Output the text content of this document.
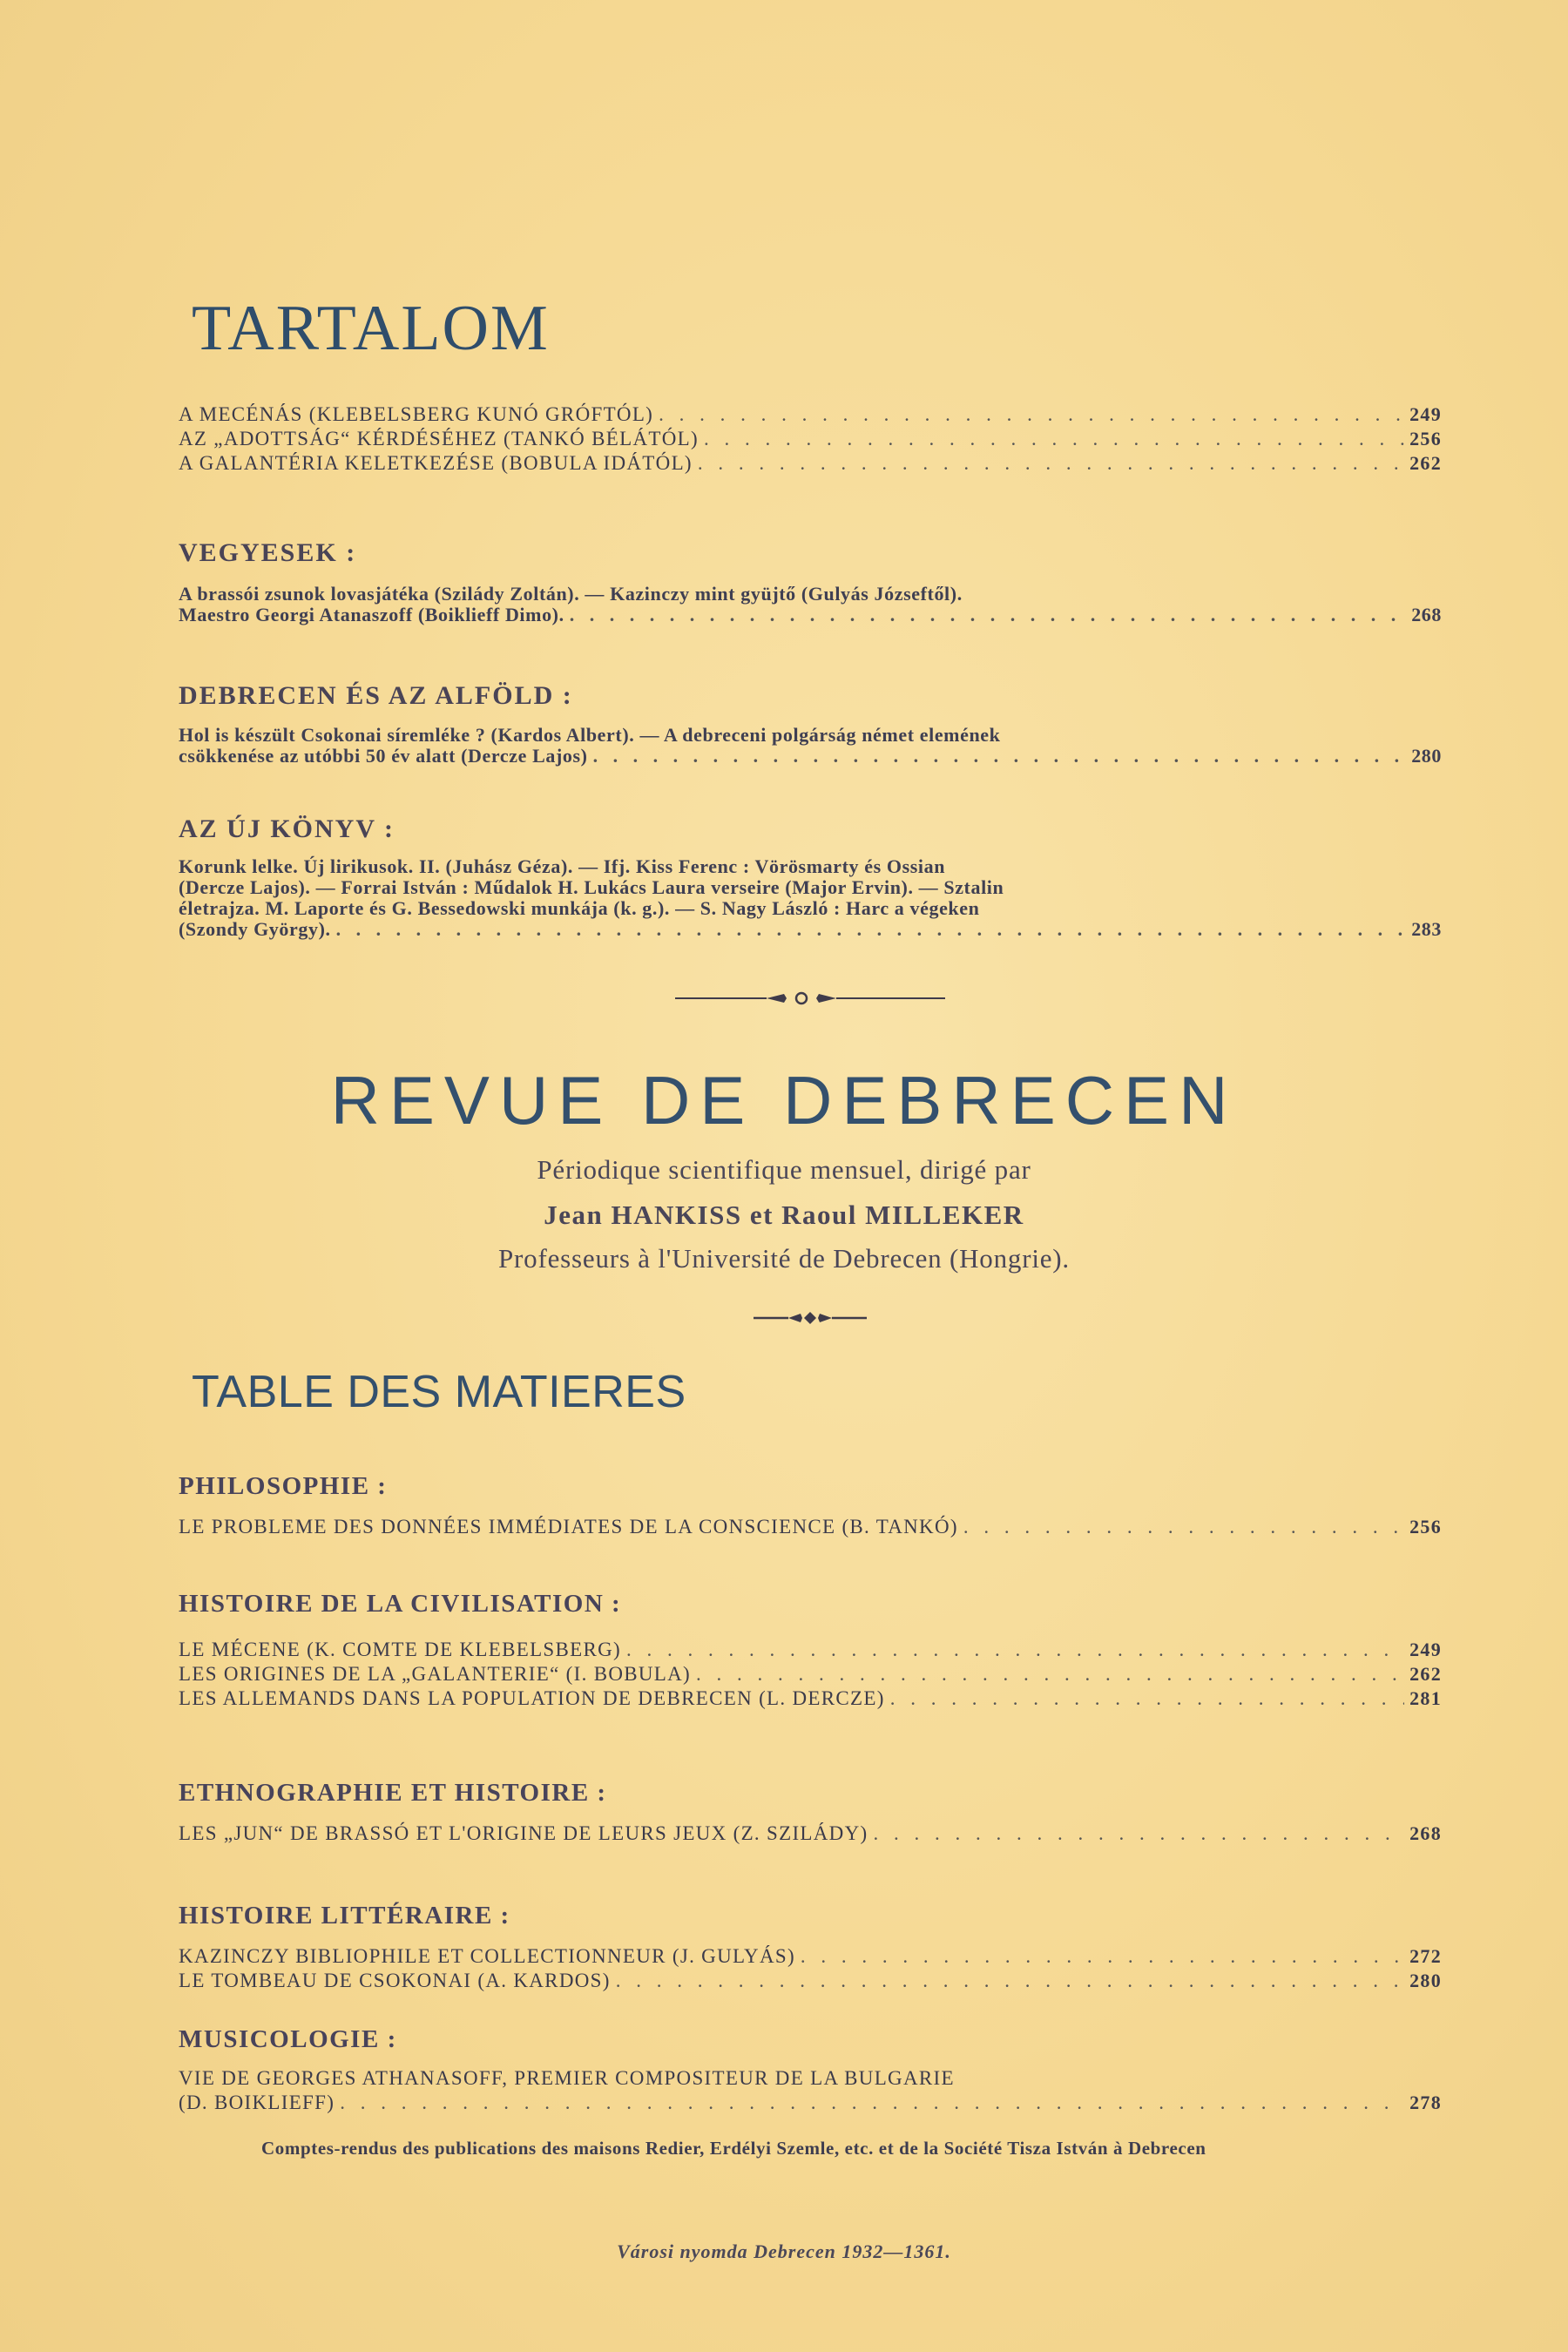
TARTALOM
A MECÉNÁS (KLEBELSBERG KUNÓ GRÓFTÓL) . . .	249
AZ „ADOTTSÁG“ KÉRDÉSÉHEZ (TANKÓ BÉLÁTÓL) . . .	256
A GALANTÉRIA KELETKEZÉSE (BOBULA IDÁTÓL) . . .	262
VEGYESEK :
A brassói zsunok lovasjátéka (Sziládу Zoltán). — Kazinczy mint gyüjtő (Gulyás Józseftől).
Maestro Georgi Atanaszoff (Boiklieff Dimo). . . .	268
DEBRECEN ÉS AZ ALFÖLD :
Hol is készült Csokonai síremléke ? (Kardos Albert). — A debreceni polgárság német elemének
csökkenése az utóbbi 50 év alatt (Dercze Lajos) . . .	280
AZ ÚJ KÖNYV :
Korunk lelke. Új lirikusok. II. (Juhász Géza). — Ifj. Kiss Ferenc : Vörösmarty és Ossian
(Dercze Lajos). — Forrai István : Műdalok H. Lukács Laura verseire (Major Ervin). — Sztalin
életrajza. M. Laporte és G. Bessedowski munkája (k. g.). — S. Nagy László : Harc a végeken
(Szondy György). . . .	283
REVUE DE DEBRECEN
Périodique scientifique mensuel, dirigé par
Jean HANKISS et Raoul MILLEKER
Professeurs à l'Université de Debrecen (Hongrie).
TABLE DES MATIERES
PHILOSOPHIE :
LE PROBLEME DES DONNÉES IMMÉDIATES DE LA CONSCIENCE (B. TANKÓ) . . .	256
HISTOIRE DE LA CIVILISATION :
LE MÉCENE (K. COMTE DE KLEBELSBERG) . . .	249
LES ORIGINES DE LA „GALANTERIE“ (I. BOBULA) . . .	262
LES ALLEMANDS DANS LA POPULATION DE DEBRECEN (L. DERCZE) . . .	281
ETHNOGRAPHIE ET HISTOIRE :
LES „JUN“ DE BRASSÓ ET L'ORIGINE DE LEURS JEUX (Z. SZILÁDY) . . .	268
HISTOIRE LITTÉRAIRE :
KAZINCZY BIBLIOPHILE ET COLLECTIONNEUR (J. GULYÁS) . . .	272
LE TOMBEAU DE CSOKONAI (A. KARDOS) . . .	280
MUSICOLOGIE :
VIE DE GEORGES ATHANASOFF, PREMIER COMPOSITEUR DE LA BULGARIE
(D. BOIKLIEFF) . . .	278
Comptes-rendus des publications des maisons Redier, Erdélyi Szemle, etc. et de la Société Tisza István à Debrecen
Városi nyomda Debrecen 1932—1361.
